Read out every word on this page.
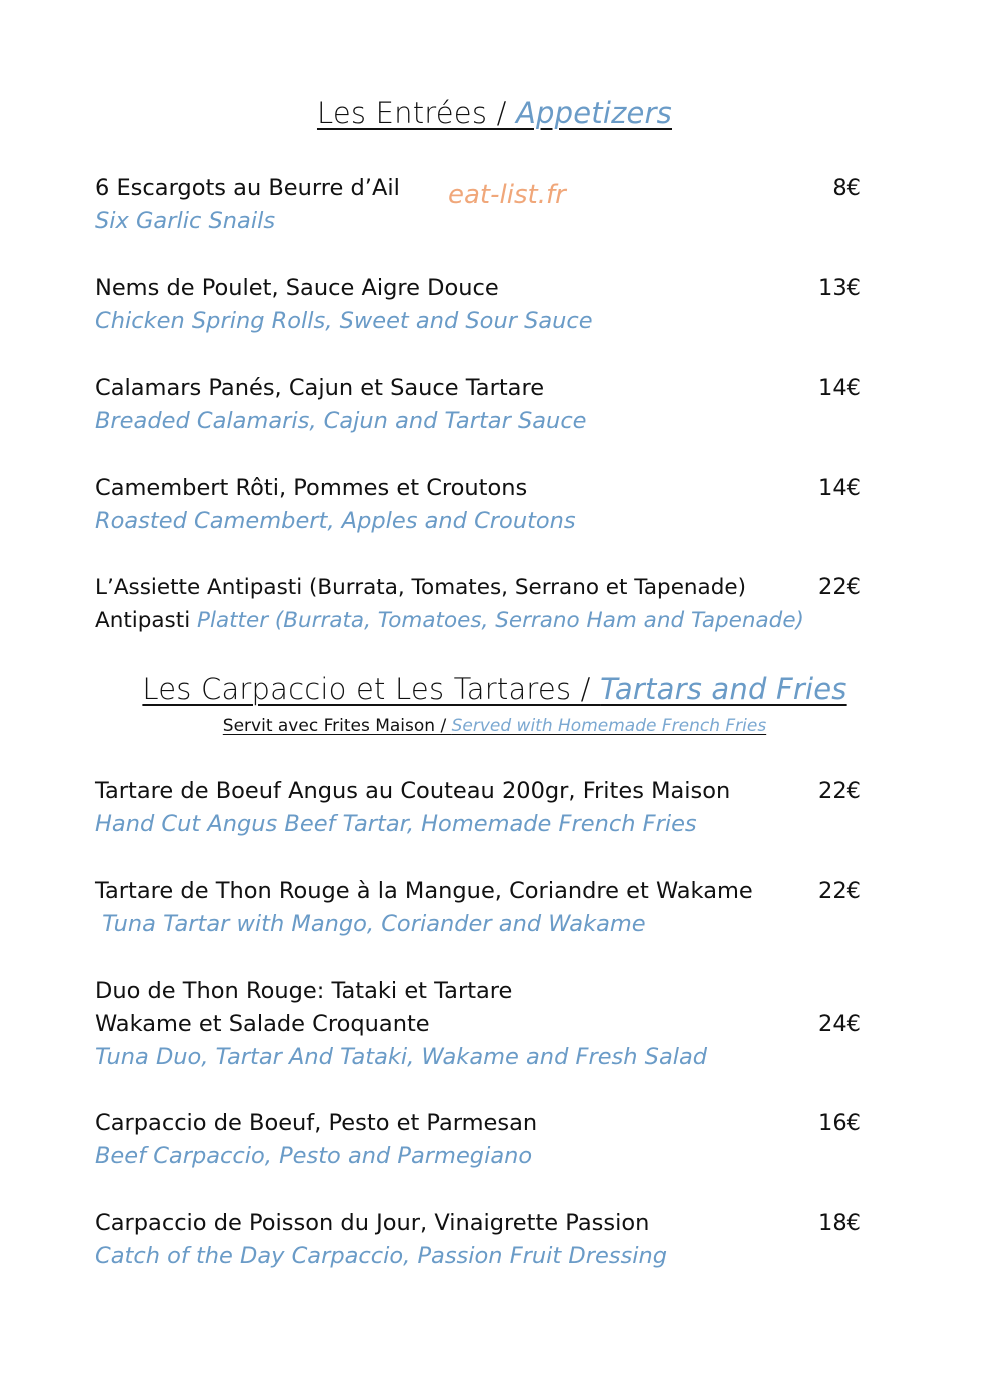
Les Entrées / Appetizers
eat-list.fr
6 Escargots au Beurre d’Ail
Six Garlic Snails
8€
Nems de Poulet, Sauce Aigre Douce
Chicken Spring Rolls, Sweet and Sour Sauce
13€
Calamars Panés, Cajun et Sauce Tartare
Breaded Calamaris, Cajun and Tartar Sauce
14€
Camembert Rôti, Pommes et Croutons
Roasted Camembert, Apples and Croutons
14€
L’Assiette Antipasti (Burrata, Tomates, Serrano et Tapenade)
Antipasti Platter (Burrata, Tomatoes, Serrano Ham and Tapenade)
22€
Les Carpaccio et Les Tartares / Tartars and Fries
Servit avec Frites Maison / Served with Homemade French Fries
Tartare de Boeuf Angus au Couteau 200gr, Frites Maison
Hand Cut Angus Beef Tartar, Homemade French Fries
22€
Tartare de Thon Rouge à la Mangue, Coriandre et Wakame
Tuna Tartar with Mango, Coriander and Wakame
22€
Duo de Thon Rouge: Tataki et Tartare
Wakame et Salade Croquante
Tuna Duo, Tartar And Tataki, Wakame and Fresh Salad
24€
Carpaccio de Boeuf, Pesto et Parmesan
Beef Carpaccio, Pesto and Parmegiano
16€
Carpaccio de Poisson du Jour, Vinaigrette Passion
Catch of the Day Carpaccio, Passion Fruit Dressing
18€
